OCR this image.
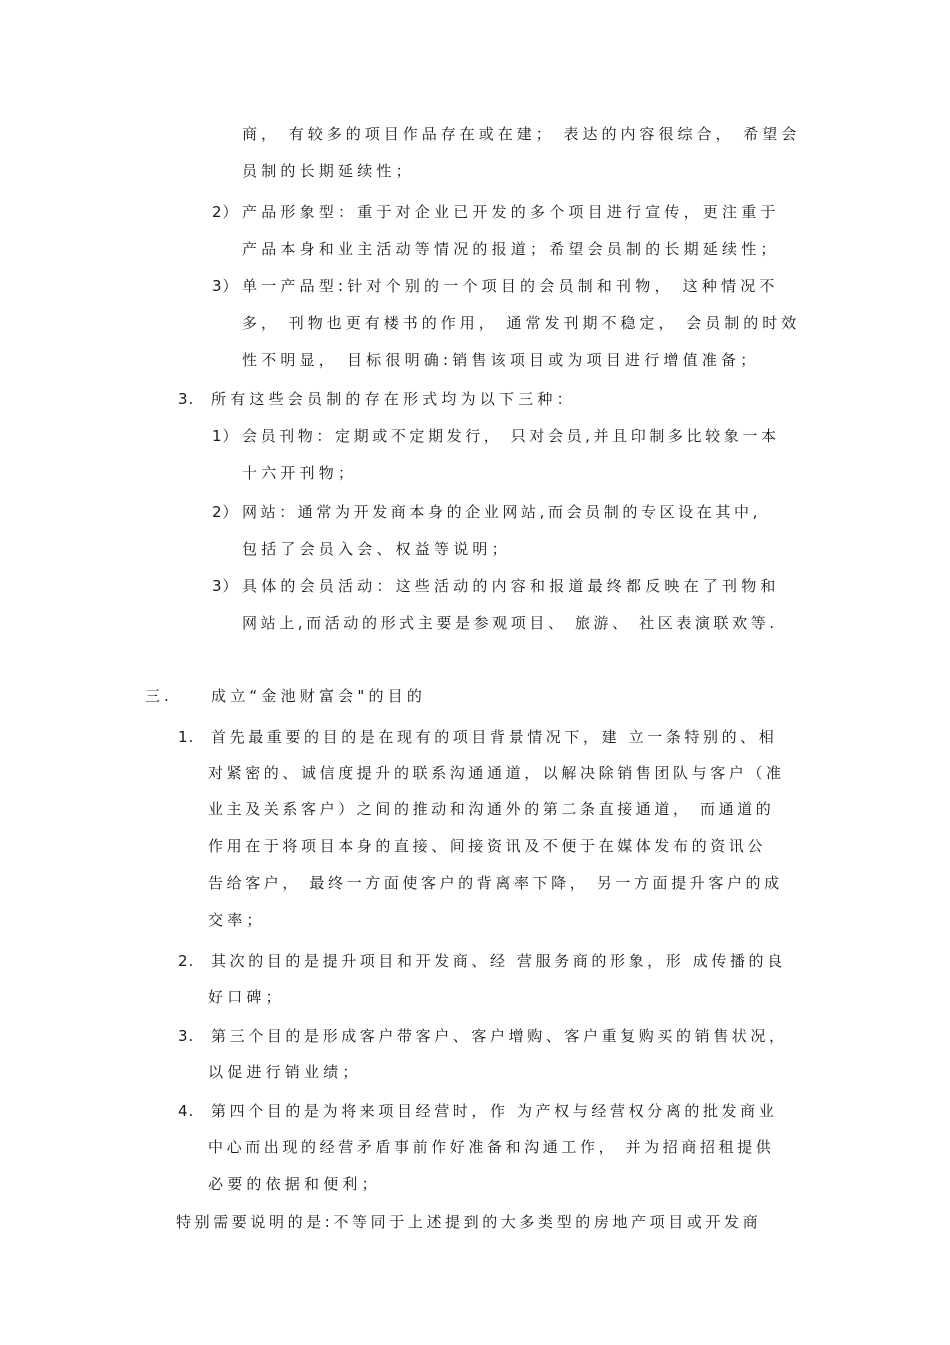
商， 有较多的项目作品存在或在建； 表达的内容很综合， 希望会
员制的长期延续性；
2） 产品形象型：重于对企业已开发的多个项目进行宣传，更注重于
产品本身和业主活动等情况的报道；希望会员制的长期延续性；
3） 单一产品型:针对个别的一个项目的会员制和刊物， 这种情况不
多， 刊物也更有楼书的作用， 通常发刊期不稳定， 会员制的时效
性不明显， 目标很明确:销售该项目或为项目进行增值准备；
3. 所有这些会员制的存在形式均为以下三种：
1） 会员刊物：定期或不定期发行， 只对会员,并且印制多比较象一本
十六开刊物；
2） 网站：通常为开发商本身的企业网站,而会员制的专区设在其中,
包括了会员入会、权益等说明；
3） 具体的会员活动：这些活动的内容和报道最终都反映在了刊物和
网站上,而活动的形式主要是参观项目、 旅游、 社区表演联欢等.
三.	成立“金池财富会"的目的
1. 首先最重要的目的是在现有的项目背景情况下，建 立一条特别的、相
对紧密的、诚信度提升的联系沟通通道，以解决除销售团队与客户（准
业主及关系客户）之间的推动和沟通外的第二条直接通道， 而通道的
作用在于将项目本身的直接、间接资讯及不便于在媒体发布的资讯公
告给客户， 最终一方面使客户的背离率下降， 另一方面提升客户的成
交率；
2. 其次的目的是提升项目和开发商、经 营服务商的形象，形 成传播的良
好口碑；
3. 第三个目的是形成客户带客户、客户增购、客户重复购买的销售状况，
以促进行销业绩；
4. 第四个目的是为将来项目经营时，作 为产权与经营权分离的批发商业
中心而出现的经营矛盾事前作好准备和沟通工作， 并为招商招租提供
必要的依据和便利；
特别需要说明的是:不等同于上述提到的大多类型的房地产项目或开发商
